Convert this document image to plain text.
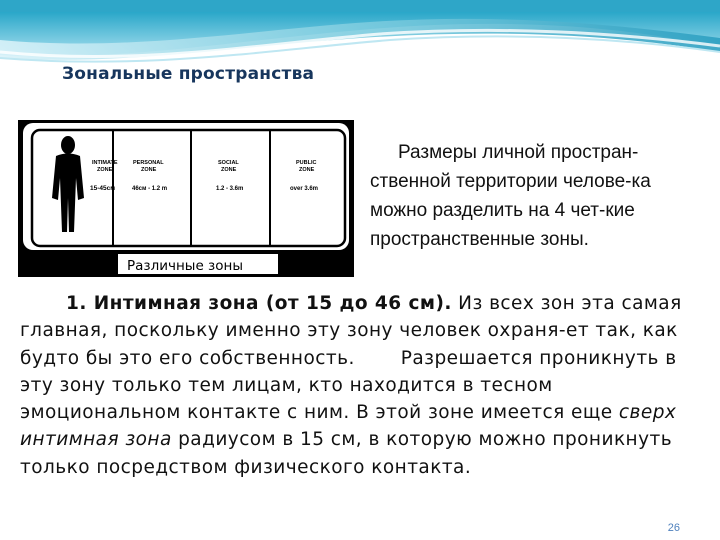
Зональные пространства
INTIMATE
ZONE
15-45см
PERSONAL
ZONE
46см - 1.2 m
SOCIAL
ZONE
1.2 - 3.6m
PUBLIC
ZONE
over 3.6m
Различные зоны
Размеры личной простран-ственной территории челове-ка можно разделить на 4 чет-кие пространственные зоны.
1. Интимная зона (от 15 до 46 см). Из всех зон эта самая главная, поскольку именно эту зону человек охраня-ет так, как будто бы это его собственность. Разрешается проникнуть в эту зону только тем лицам, кто находится в тесном эмоциональном контакте с ним. В этой зоне имеется еще сверх интимная зона радиусом в 15 см, в которую можно проникнуть только посредством физического контакта.
26
